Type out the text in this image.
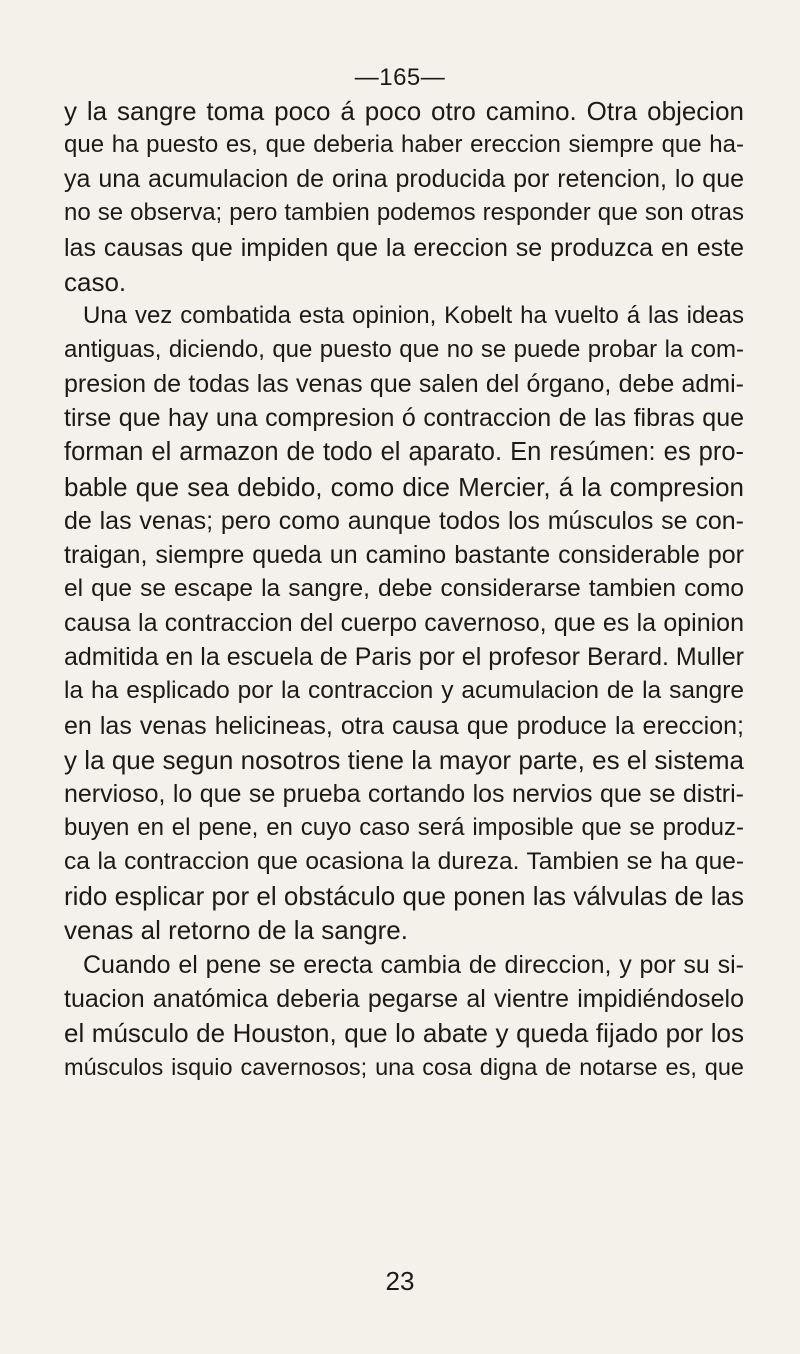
—165—
y la sangre toma poco á poco otro camino. Otra objecion
que ha puesto es, que deberia haber ereccion siempre que ha-
ya una acumulacion de orina producida por retencion, lo que
no se observa; pero tambien podemos responder que son otras
las causas que impiden que la ereccion se produzca en este
caso.
Una vez combatida esta opinion, Kobelt ha vuelto á las ideas
antiguas, diciendo, que puesto que no se puede probar la com-
presion de todas las venas que salen del órgano, debe admi-
tirse que hay una compresion ó contraccion de las fibras que
forman el armazon de todo el aparato. En resúmen: es pro-
bable que sea debido, como dice Mercier, á la compresion
de las venas; pero como aunque todos los músculos se con-
traigan, siempre queda un camino bastante considerable por
el que se escape la sangre, debe considerarse tambien como
causa la contraccion del cuerpo cavernoso, que es la opinion
admitida en la escuela de Paris por el profesor Berard. Muller
la ha esplicado por la contraccion y acumulacion de la sangre
en las venas helicineas, otra causa que produce la ereccion;
y la que segun nosotros tiene la mayor parte, es el sistema
nervioso, lo que se prueba cortando los nervios que se distri-
buyen en el pene, en cuyo caso será imposible que se produz-
ca la contraccion que ocasiona la dureza. Tambien se ha que-
rido esplicar por el obstáculo que ponen las válvulas de las
venas al retorno de la sangre.
Cuando el pene se erecta cambia de direccion, y por su si-
tuacion anatómica deberia pegarse al vientre impidiéndoselo
el músculo de Houston, que lo abate y queda fijado por los
músculos isquio cavernosos; una cosa digna de notarse es, que
23
